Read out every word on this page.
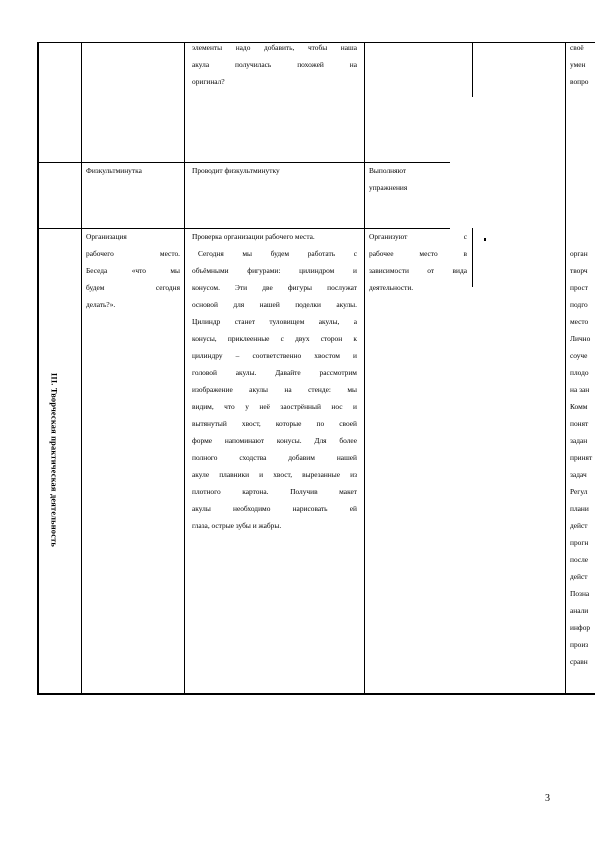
элементы надо добавить, чтобы наша
акула получилась похожей на
оригинал?
своё
умен
вопро
Физкультминутка	Проводит физкультминутку	Выполняют
упражнения
III. Творческая практическая деятельность
Организация
рабочего место.
Беседа «что мы
будем сегодня
делать?».
Проверка организации рабочего места.
Сегодня мы будем работать с
объёмными фигурами: цилиндром и
конусом. Эти две фигуры послужат
основой для нашей поделки акулы.
Цилиндр станет туловищем акулы, а
конусы, приклеенные с двух сторон к
цилиндру – соответственно хвостом и
головой акулы. Давайте рассмотрим
изображение акулы на стенде: мы
видим, что у неё заострённый нос и
вытянутый хвост, которые по своей
форме напоминают конусы. Для более
полного сходства добавим нашей
акуле плавники и хвост, вырезанные из
плотного картона. Получив макет
акулы необходимо нарисовать ей
глаза, острые зубы и жабры.
Организуют с
рабочее место в
зависимости от вида
деятельности.
орган
творч
прост
подго
место
Лично
соуче
плодо
на зан
Комм
понят
задан
принят
задач
Регул
плани
дейст
прогн
после
дейст
Позна
анали
инфор
произ
сравн
3
